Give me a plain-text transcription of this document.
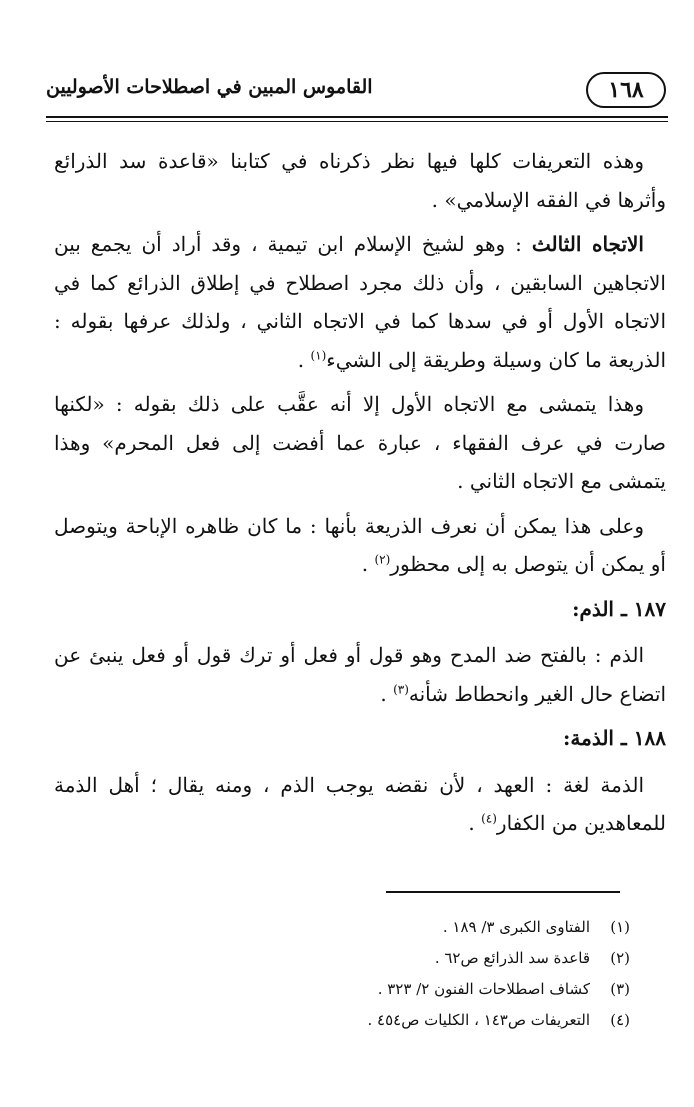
١٦٨
القاموس المبين في اصطلاحات الأصوليين

وهذه التعريفات كلها فيها نظر ذكرناه في كتابنا «قاعدة سد الذرائع وأثرها في الفقه الإسلامي» .

الاتجاه الثالث : وهو لشيخ الإسلام ابن تيمية ، وقد أراد أن يجمع بين الاتجاهين السابقين ، وأن ذلك مجرد اصطلاح في إطلاق الذرائع كما في الاتجاه الأول أو في سدها كما في الاتجاه الثاني ، ولذلك عرفها بقوله : الذريعة ما كان وسيلة وطريقة إلى الشيء$^{(١)}$ .

وهذا يتمشى مع الاتجاه الأول إلا أنه عقَّب على ذلك بقوله : «لكنها صارت في عرف الفقهاء ، عبارة عما أفضت إلى فعل المحرم» وهذا يتمشى مع الاتجاه الثاني .

وعلى هذا يمكن أن نعرف الذريعة بأنها : ما كان ظاهره الإباحة ويتوصل أو يمكن أن يتوصل به إلى محظور$^{(٢)}$ .

١٨٧ ـ الذم:

الذم : بالفتح ضد المدح وهو قول أو فعل أو ترك قول أو فعل ينبئ عن اتضاع حال الغير وانحطاط شأنه$^{(٣)}$ .

١٨٨ ـ الذمة:

الذمة لغة : العهد ، لأن نقضه يوجب الذم ، ومنه يقال ؛ أهل الذمة للمعاهدين من الكفار$^{(٤)}$ .

(١)
الفتاوى الكبرى ٣/ ١٨٩ .
(٢)
قاعدة سد الذرائع ص٦٢ .
(٣)
كشاف اصطلاحات الفنون ٢/ ٣٢٣ .
(٤)
التعريفات ص١٤٣ ، الكليات ص٤٥٤ .
